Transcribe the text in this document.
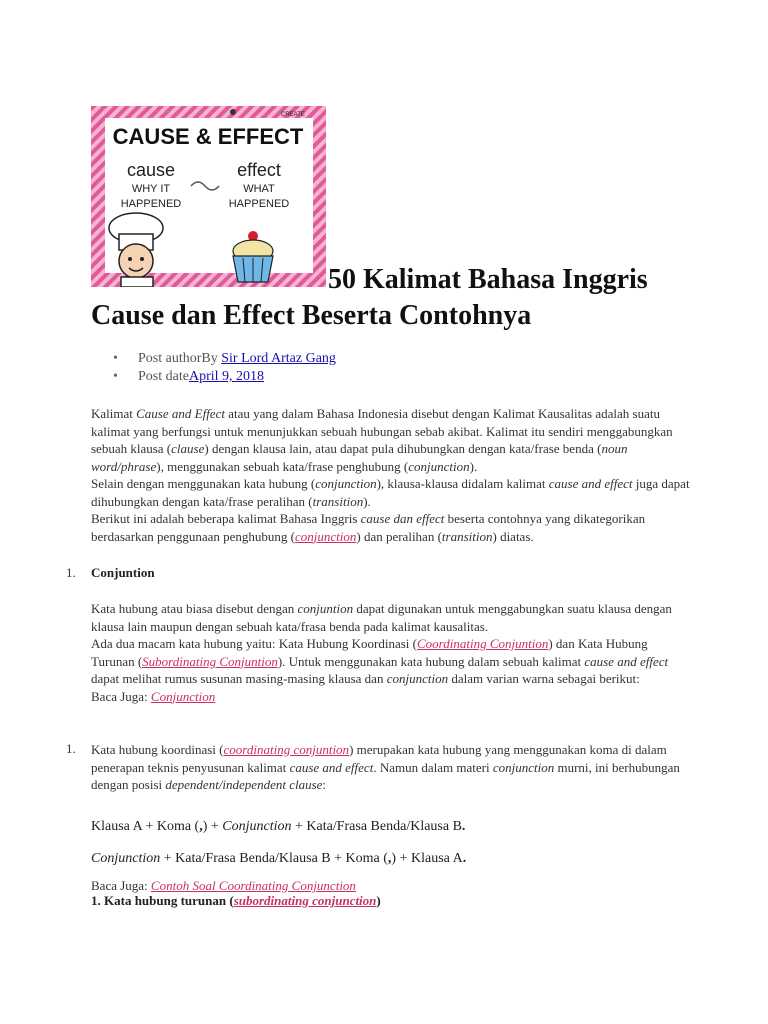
CREATE
CAUSE & EFFECT
cause	effect
WHY IT
HAPPENED
WHAT
HAPPENED
50 Kalimat Bahasa Inggris
Cause dan Effect Beserta Contohnya
• Post authorBy Sir Lord Artaz Gang
• Post dateApril 9, 2018

Kalimat Cause and Effect atau yang dalam Bahasa Indonesia disebut dengan Kalimat Kausalitas adalah suatu kalimat yang berfungsi untuk menunjukkan sebuah hubungan sebab akibat. Kalimat itu sendiri menggabungkan sebuah klausa (clause) dengan klausa lain, atau dapat pula dihubungkan dengan kata/frase benda (noun word/phrase), menggunakan sebuah kata/frase penghubung (conjunction).
Selain dengan menggunakan kata hubung (conjunction), klausa-klausa didalam kalimat cause and effect juga dapat dihubungkan dengan kata/frase peralihan (transition).
Berikut ini adalah beberapa kalimat Bahasa Inggris cause dan effect beserta contohnya yang dikategorikan berdasarkan penggunaan penghubung (conjunction) dan peralihan (transition) diatas.

1. Conjuntion

Kata hubung atau biasa disebut dengan conjuntion dapat digunakan untuk menggabungkan suatu klausa dengan klausa lain maupun dengan sebuah kata/frasa benda pada kalimat kausalitas.
Ada dua macam kata hubung yaitu: Kata Hubung Koordinasi (Coordinating Conjuntion) dan Kata Hubung Turunan (Subordinating Conjuntion). Untuk menggunakan kata hubung dalam sebuah kalimat cause and effect dapat melihat rumus susunan masing-masing klausa dan conjunction dalam varian warna sebagai berikut:
Baca Juga: Conjunction

1. Kata hubung koordinasi (coordinating conjuntion) merupakan kata hubung yang menggunakan koma di dalam penerapan teknis penyusunan kalimat cause and effect. Namun dalam materi conjunction murni, ini berhubungan dengan posisi dependent/independent clause:

Klausa A + Koma (,) + Conjunction + Kata/Frasa Benda/Klausa B.
Conjunction + Kata/Frasa Benda/Klausa B + Koma (,) + Klausa A.

Baca Juga: Contoh Soal Coordinating Conjunction

1. Kata hubung turunan (subordinating conjunction)
